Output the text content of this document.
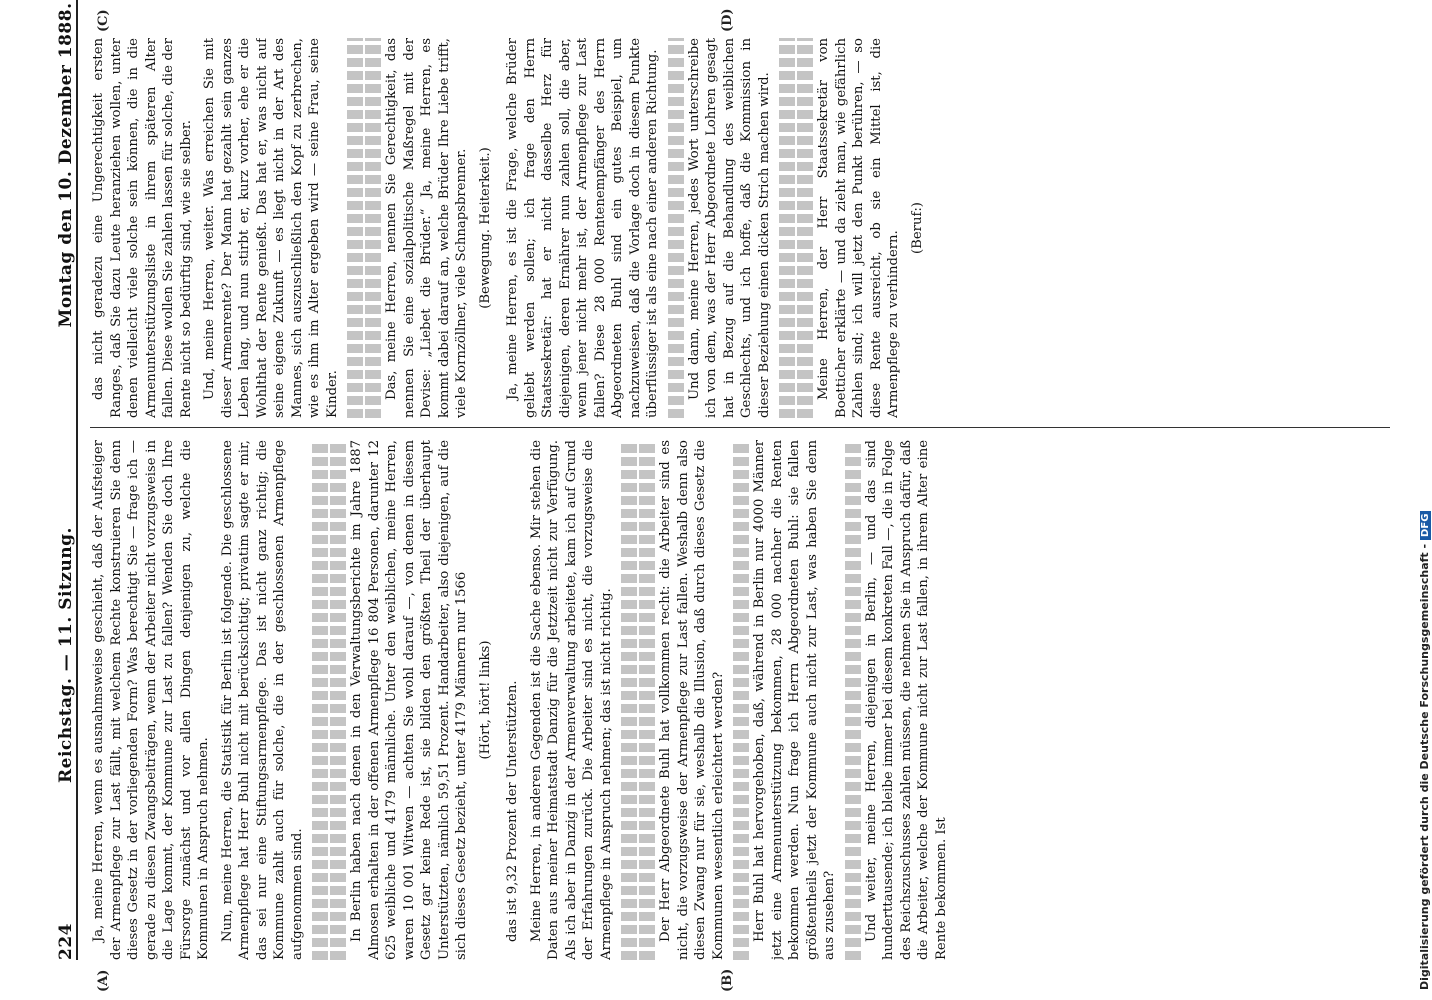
224
Reichstag. — 11. Sitzung.
Montag den 10. Dezember 1888.
(A)	(B)
(C)	(D)

Ja, meine Herren, wenn es ausnahmsweise geschieht, daß der Aufsteiger der Armenpflege zur Last fällt, mit welchem Rechte konstruieren Sie denn dieses Gesetz in der vorliegenden Form? Was berechtigt Sie — frage ich — gerade zu diesen Zwangsbeiträgen, wenn der Arbeiter nicht vorzugsweise in die Lage kommt, der Kommune zur Last zu fallen? Wenden Sie doch Ihre Fürsorge zunächst und vor allen Dingen denjenigen zu, welche die Kommunen in Anspruch nehmen. Nun, meine Herren, die Statistik für Berlin ist folgende. Die geschlossene Armenpflege hat Herr Buhl nicht mit berücksichtigt; privatim sagte er mir, das sei nur eine Stiftungsarmenpflege. Das ist nicht ganz richtig; die Kommune zahlt auch für solche, die in der geschlossenen Armenpflege aufgenommen sind.	In Berlin haben nach denen in den Verwaltungsberichte im Jahre 1887 Almosen erhalten in der offenen Armenpflege 16 804 Personen, darunter 12 625 weibliche und 4179 männliche. Unter den weiblichen, meine Herren, waren 10 001 Witwen — achten Sie wohl darauf —, von denen in diesem Gesetz gar keine Rede ist, sie bilden den größten Theil der überhaupt Unterstützten, nämlich 59,51 Prozent. Handarbeiter, also diejenigen, auf die sich dieses Gesetz bezieht, unter 4179 Männern nur 1566 (Hört, hört! links) das ist 9,32 Prozent der Unterstützten. Meine Herren, in anderen Gegenden ist die Sache ebenso. Mir stehen die Daten aus meiner Heimatstadt Danzig für die Jetztzeit nicht zur Verfügung. Als ich aber in Danzig in der Armenverwaltung arbeitete, kam ich auf Grund der Erfahrungen zurück. Die Arbeiter sind es nicht, die vorzugsweise die Armenpflege in Anspruch nehmen; das ist nicht richtig.	Der Herr Abgeordnete Buhl hat vollkommen recht: die Arbeiter sind es nicht, die vorzugsweise der Armenpflege zur Last fallen. Weshalb denn also diesen Zwang nur für sie, weshalb die Illusion, daß durch dieses Gesetz die Kommunen wesentlich erleichtert werden? Herr Buhl hat hervorgehoben, daß, während in Berlin nur 4000 Männer jetzt eine Armenunterstützung bekommen, 28 000 nachher die Renten bekommen werden. Nun frage ich Herrn Abgeordneten Buhl: sie fallen größtentheils jetzt der Kommune auch nicht zur Last, was haben Sie denn aus zusehen? Und weiter, meine Herren, diejenigen in Berlin, — und das sind hunderttausende; ich bleibe immer bei diesem konkreten Fall —, die in Folge des Reichszuschusses zahlen müssen, die nehmen Sie in Anspruch dafür, daß die Arbeiter, welche der Kommune nicht zur Last fallen, in ihrem Alter eine Rente bekommen. Ist

das nicht geradezu eine Ungerechtigkeit ersten Ranges, daß Sie dazu Leute heranziehen wollen, unter denen vielleicht viele solche sein können, die in die Armenunterstützungsliste in ihrem späteren Alter fallen. Diese wollen Sie zahlen lassen für solche, die der Rente nicht so bedürftig sind, wie sie selber. Und, meine Herren, weiter. Was erreichen Sie mit dieser Armenrente? Der Mann hat gezahlt sein ganzes Leben lang, und nun stirbt er, kurz vorher, ehe er die Wohlthat der Rente genießt. Das hat er, was nicht auf seine eigene Zukunft — es liegt nicht in der Art des Mannes, sich auszuschließlich den Kopf zu zerbrechen, wie es ihm im Alter ergeben wird — seine Frau, seine Kinder.	Das, meine Herren, nennen Sie Gerechtigkeit, das nennen Sie eine sozialpolitische Maßregel mit der Devise: „Liebet die Brüder.“ Ja, meine Herren, es kommt dabei darauf an, welche Brüder Ihre Liebe trifft, viele Kornzöllner, viele Schnapsbrenner. (Bewegung. Heiterkeit.) Ja, meine Herren, es ist die Frage, welche Brüder geliebt werden sollen; ich frage den Herrn Staatssekretär: hat er nicht dasselbe Herz für diejenigen, deren Ernährer nun zahlen soll, die aber, wenn jener nicht mehr ist, der Armenpflege zur Last fallen? Diese 28 000 Rentenempfänger des Herrn Abgeordneten Buhl sind ein gutes Beispiel, um nachzuweisen, daß die Vorlage doch in diesem Punkte überflüssiger ist als eine nach einer anderen Richtung. Und dann, meine Herren, jedes Wort unterschreibe ich von dem, was der Herr Abgeordnete Lohren gesagt hat in Bezug auf die Behandlung des weiblichen Geschlechts, und ich hoffe, daß die Kommission in dieser Beziehung einen dicken Strich machen wird.	Meine Herren, der Herr Staatssekretär von Boetticher erklärte — und da zieht man, wie gefährlich Zahlen sind; ich will jetzt den Punkt berühren, — so diese Rente ausreicht, ob sie ein Mittel ist, die Armenpflege zu verhindern.

(Beruf:)

Digitalisierung gefördert durch die Deutsche Forschungsgemeinschaft -DFG
